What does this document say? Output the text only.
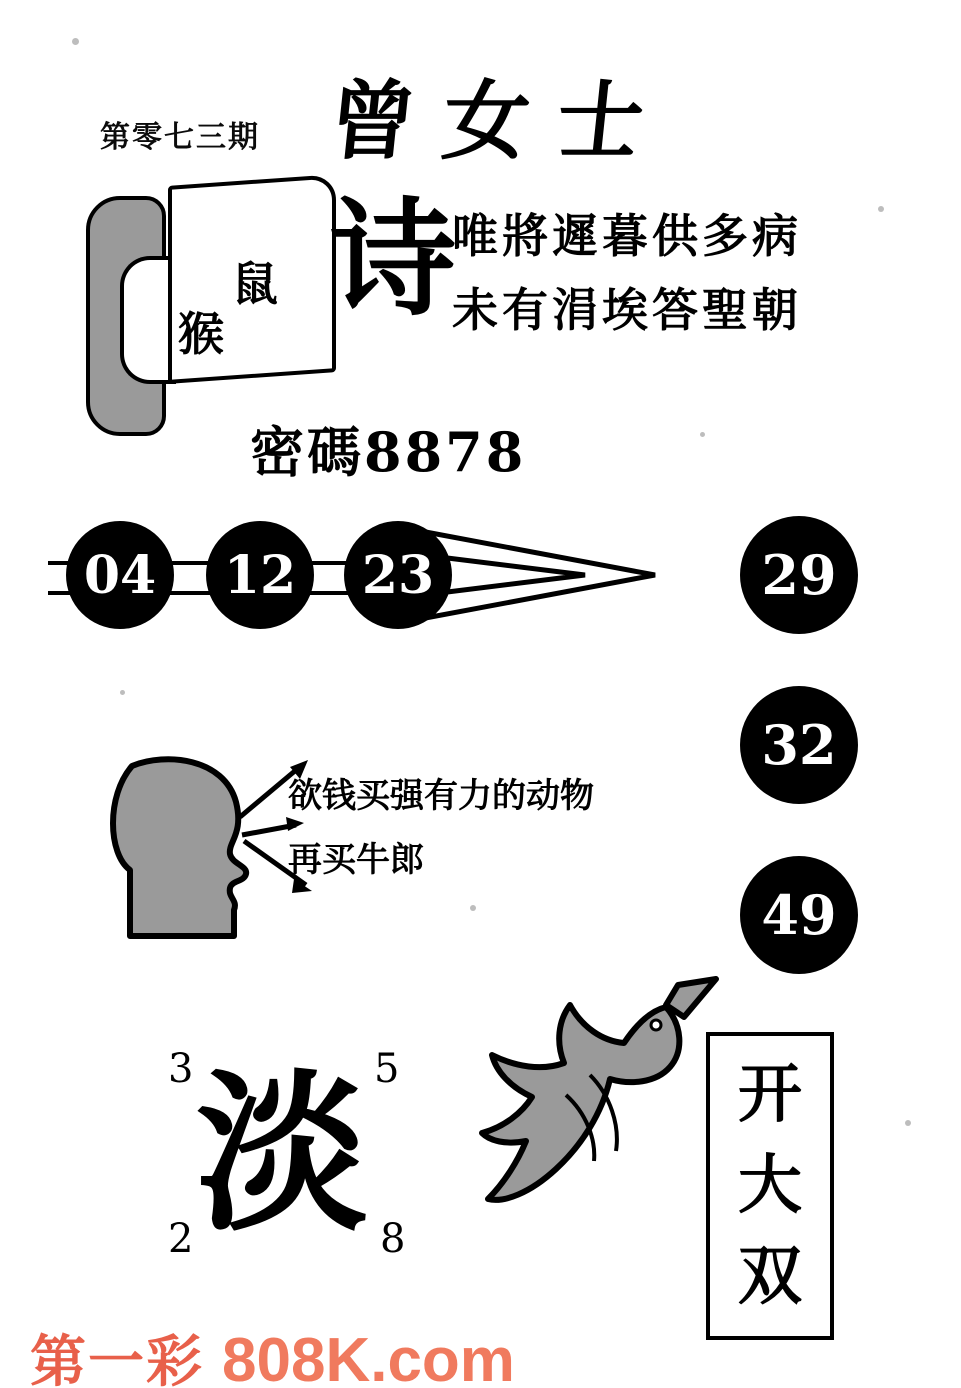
第零七三期 曾女士
鼠
猴
诗
唯將遲暮供多病
未有涓埃答聖朝
密碼8878
04	12	23	29
32
49
欲钱买强有力的动物
再买牛郎
3	5
2	8
淡	开
大
双
第一彩 808K.com
